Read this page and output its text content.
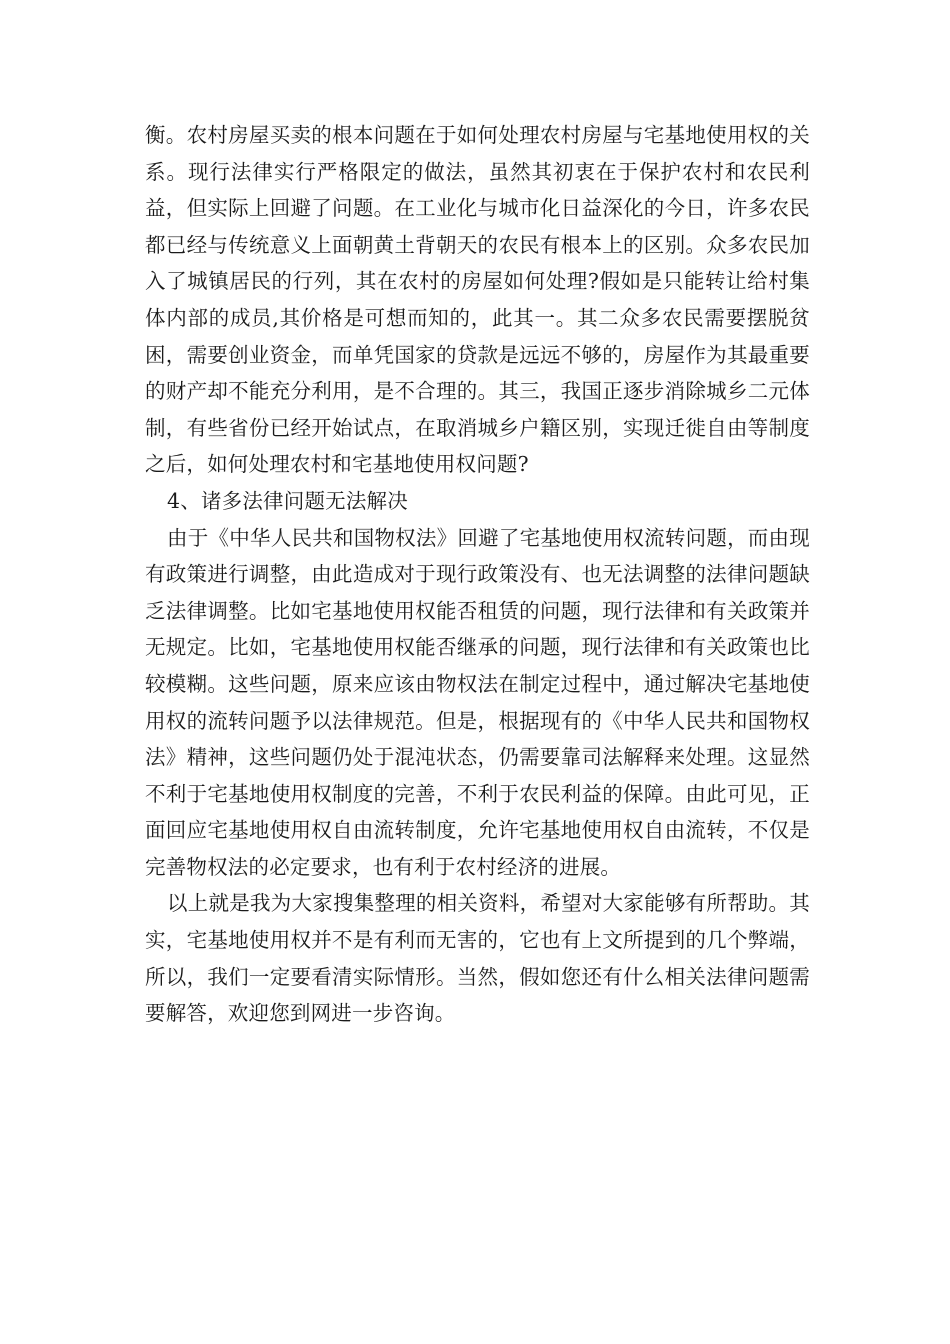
衡。农村房屋买卖的根本问题在于如何处理农村房屋与宅基地使用权的关系。现行法律实行严格限定的做法，虽然其初衷在于保护农村和农民利益，但实际上回避了问题。在工业化与城市化日益深化的今日，许多农民都已经与传统意义上面朝黄土背朝天的农民有根本上的区别。众多农民加入了城镇居民的行列，其在农村的房屋如何处理?假如是只能转让给村集体内部的成员,其价格是可想而知的，此其一。其二众多农民需要摆脱贫困，需要创业资金，而单凭国家的贷款是远远不够的，房屋作为其最重要的财产却不能充分利用，是不合理的。其三，我国正逐步消除城乡二元体制，有些省份已经开始试点，在取消城乡户籍区别，实现迁徙自由等制度之后，如何处理农村和宅基地使用权问题?

4、诸多法律问题无法解决

由于《中华人民共和国物权法》回避了宅基地使用权流转问题，而由现有政策进行调整，由此造成对于现行政策没有、也无法调整的法律问题缺乏法律调整。比如宅基地使用权能否租赁的问题，现行法律和有关政策并无规定。比如，宅基地使用权能否继承的问题，现行法律和有关政策也比较模糊。这些问题，原来应该由物权法在制定过程中，通过解决宅基地使用权的流转问题予以法律规范。但是，根据现有的《中华人民共和国物权法》精神，这些问题仍处于混沌状态，仍需要靠司法解释来处理。这显然不利于宅基地使用权制度的完善，不利于农民利益的保障。由此可见，正面回应宅基地使用权自由流转制度，允许宅基地使用权自由流转，不仅是完善物权法的必定要求，也有利于农村经济的进展。

以上就是我为大家搜集整理的相关资料，希望对大家能够有所帮助。其实，宅基地使用权并不是有利而无害的，它也有上文所提到的几个弊端，所以，我们一定要看清实际情形。当然，假如您还有什么相关法律问题需要解答，欢迎您到网进一步咨询。
